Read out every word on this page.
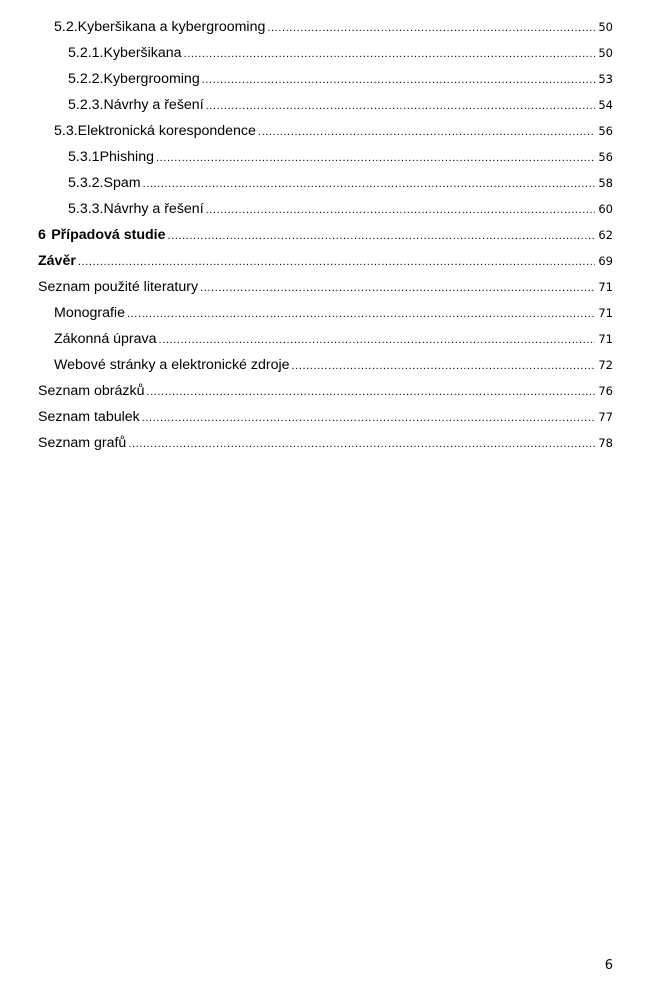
5.2. Kyberšikana a kybergrooming .....	50
5.2.1. Kyberšikana .....	50
5.2.2. Kybergrooming .....	53
5.2.3. Návrhy a řešení .....	54
5.3. Elektronická korespondence .....	56
5.3.1 Phishing .....	56
5.3.2. Spam .....	58
5.3.3. Návrhy a řešení .....	60
6 Případová studie .....	62
Závěr .....	69
Seznam použité literatury .....	71
Monografie .....	71
Zákonná úprava .....	71
Webové stránky a elektronické zdroje .....	72
Seznam obrázků .....	76
Seznam tabulek .....	77
Seznam grafů .....	78
6
